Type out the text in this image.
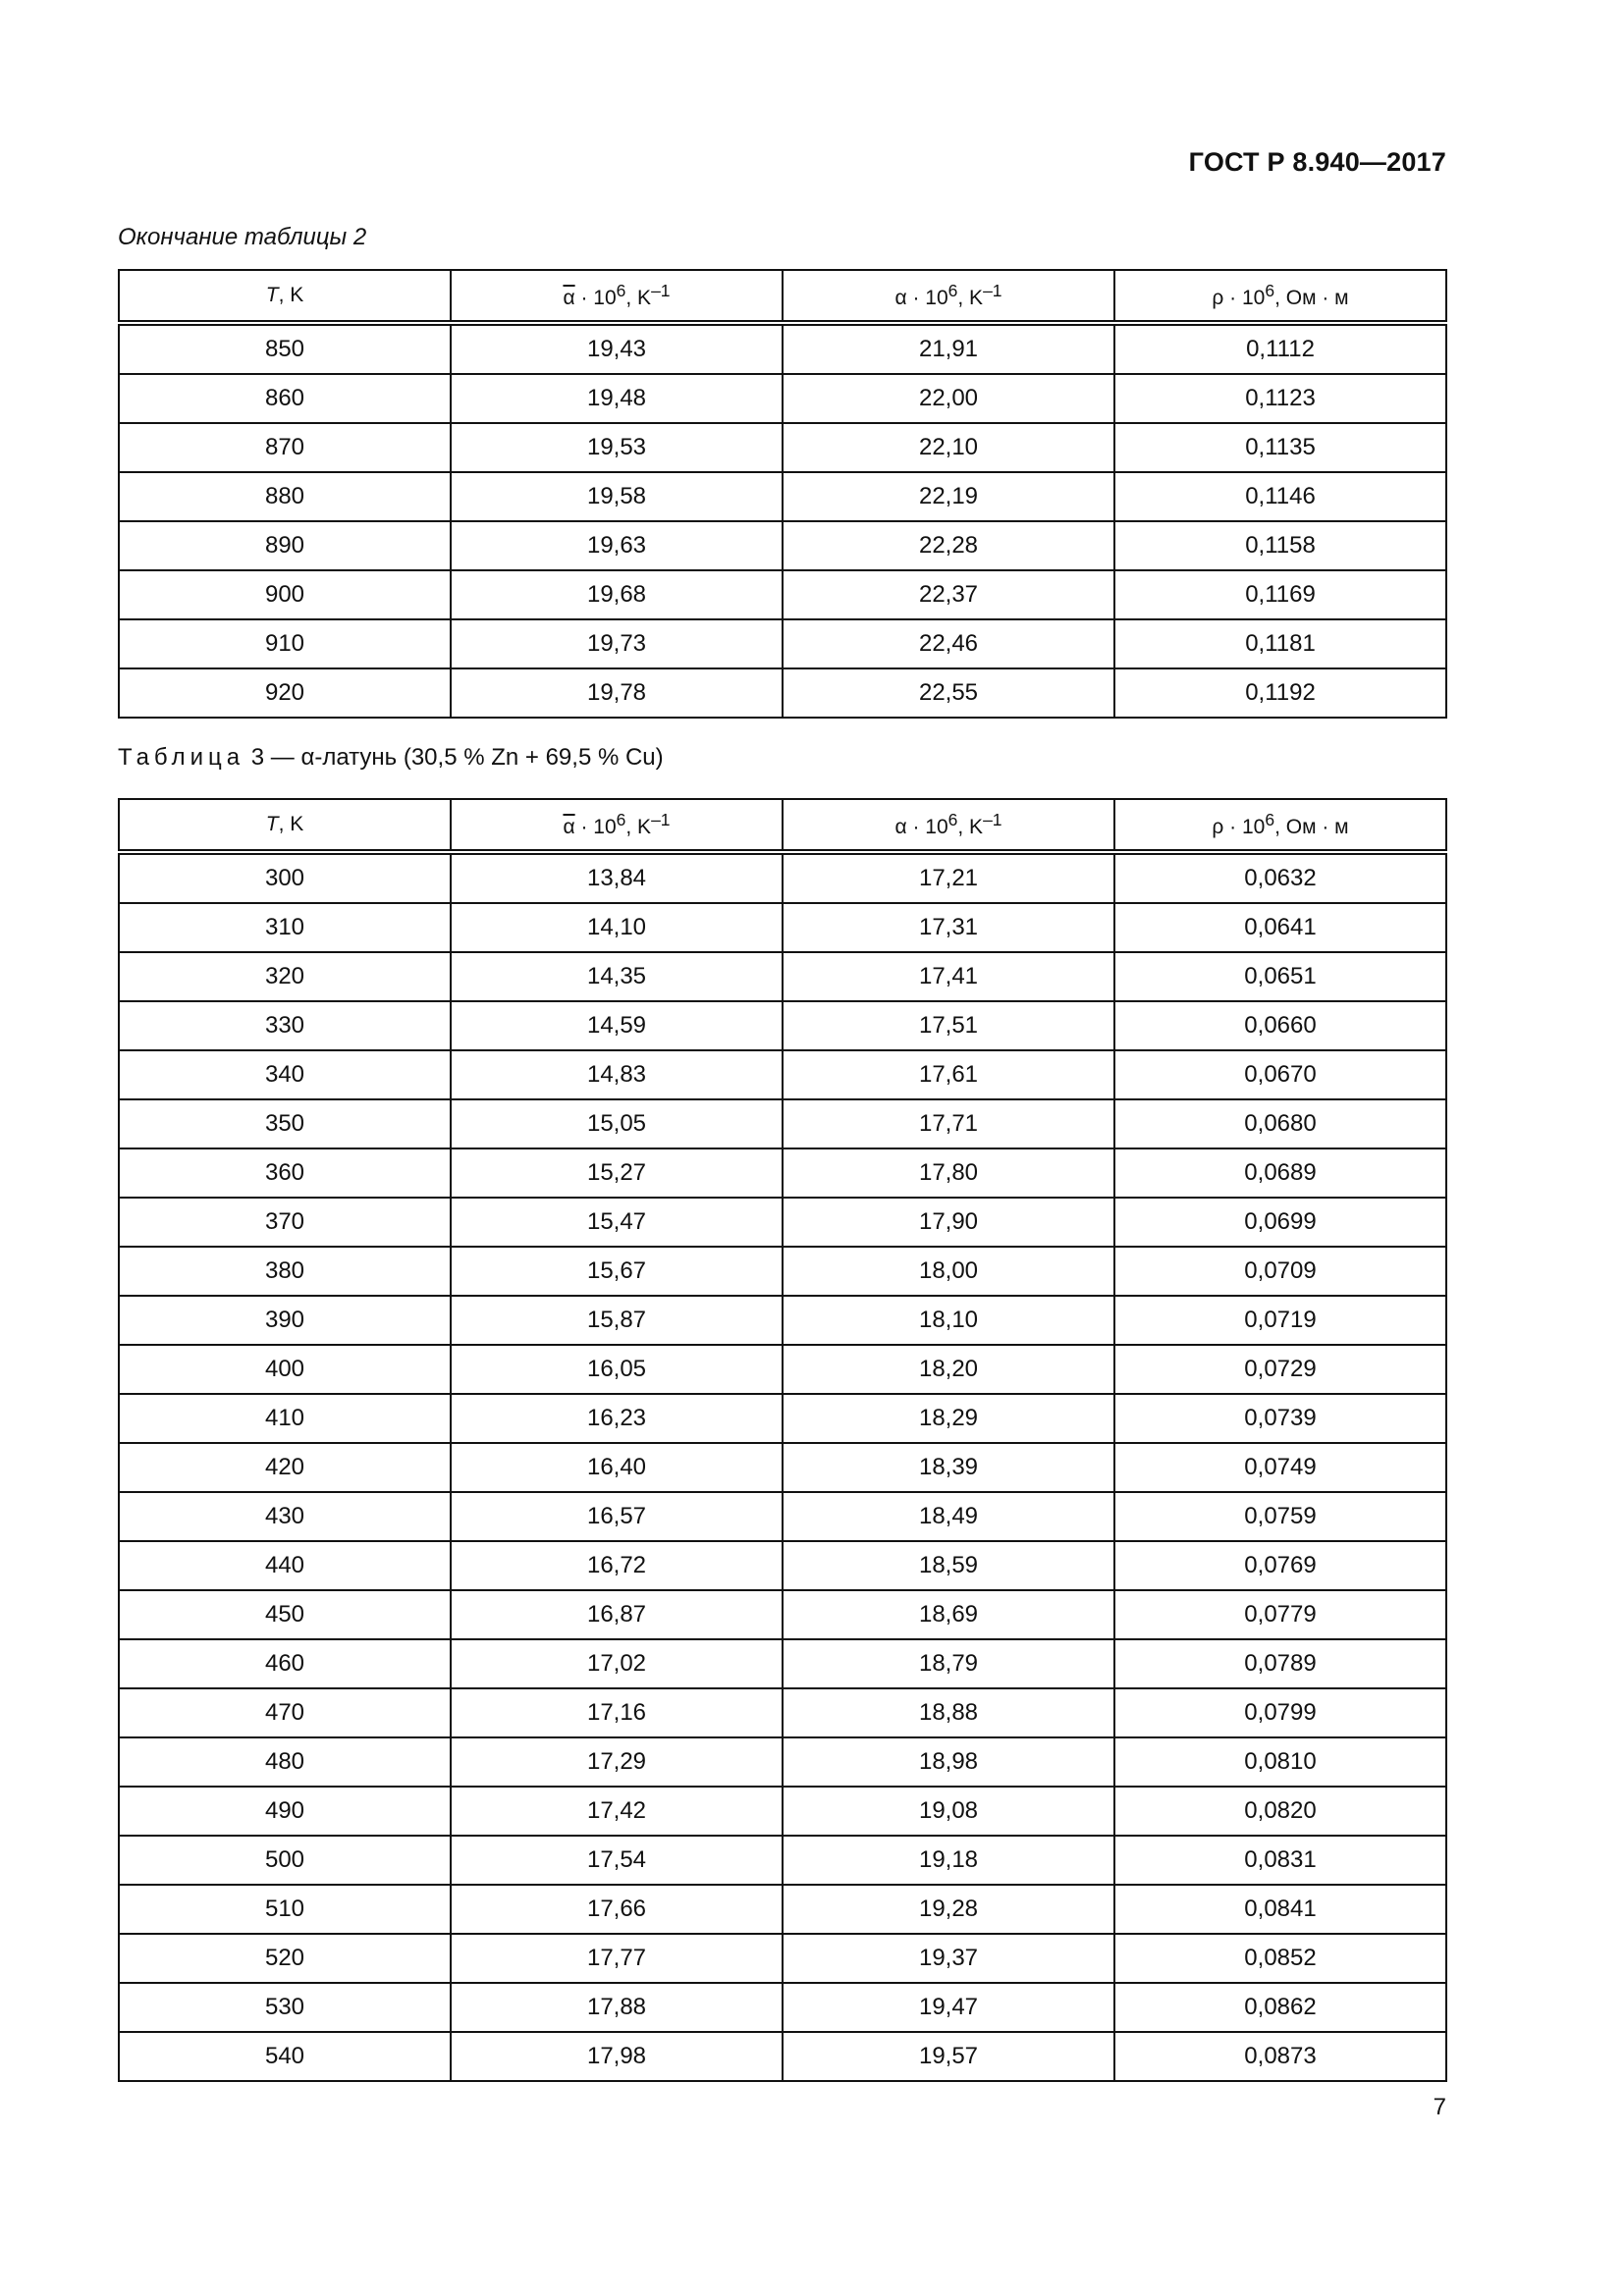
ГОСТ Р 8.940—2017
Окончание таблицы 2
T, K	$\overline{\alpha} \cdot 10^6$, $K^{-1}$	$\alpha \cdot 10^6$, $K^{-1}$	$\rho \cdot 10^6$, Ом · м
850	19,43	21,91	0,1112
860	19,48	22,00	0,1123
870	19,53	22,10	0,1135
880	19,58	22,19	0,1146
890	19,63	22,28	0,1158
900	19,68	22,37	0,1169
910	19,73	22,46	0,1181
920	19,78	22,55	0,1192
Таблица 3 — α-латунь (30,5 % Zn + 69,5 % Cu)
T, K	$\overline{\alpha} \cdot 10^6$, $K^{-1}$	$\alpha \cdot 10^6$, $K^{-1}$	$\rho \cdot 10^6$, Ом · м
300	13,84	17,21	0,0632
310	14,10	17,31	0,0641
320	14,35	17,41	0,0651
330	14,59	17,51	0,0660
340	14,83	17,61	0,0670
350	15,05	17,71	0,0680
360	15,27	17,80	0,0689
370	15,47	17,90	0,0699
380	15,67	18,00	0,0709
390	15,87	18,10	0,0719
400	16,05	18,20	0,0729
410	16,23	18,29	0,0739
420	16,40	18,39	0,0749
430	16,57	18,49	0,0759
440	16,72	18,59	0,0769
450	16,87	18,69	0,0779
460	17,02	18,79	0,0789
470	17,16	18,88	0,0799
480	17,29	18,98	0,0810
490	17,42	19,08	0,0820
500	17,54	19,18	0,0831
510	17,66	19,28	0,0841
520	17,77	19,37	0,0852
530	17,88	19,47	0,0862
540	17,98	19,57	0,0873
7
